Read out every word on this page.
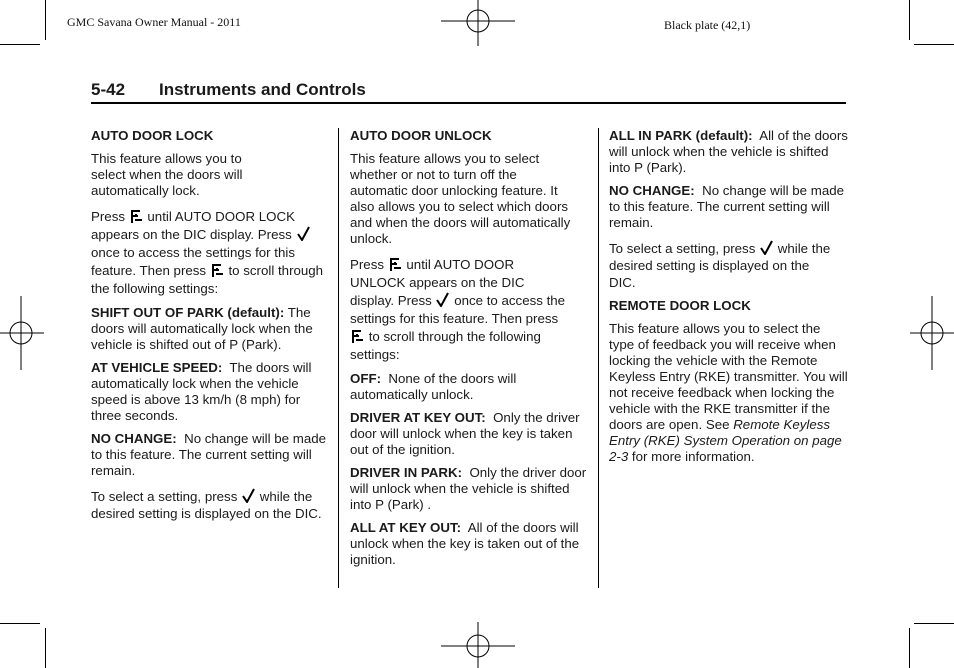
GMC Savana Owner Manual - 2011	Black plate (42,1)
5-42 Instruments and Controls

AUTO DOOR LOCK

This feature allows you to select when the doors will automatically lock.

Press until AUTO DOOR LOCK appears on the DIC display. Press  once to access the settings for this feature. Then press to scroll through the following settings:

SHIFT OUT OF PARK (default): The doors will automatically lock when the vehicle is shifted out of P (Park).

AT VEHICLE SPEED: The doors will automatically lock when the vehicle speed is above 13 km/h (8 mph) for three seconds.

NO CHANGE: No change will be made to this feature. The current setting will remain.

To select a setting, press while the desired setting is displayed on the DIC.

AUTO DOOR UNLOCK

This feature allows you to select whether or not to turn off the automatic door unlocking feature. It also allows you to select which doors and when the doors will automatically unlock.

Press until AUTO DOOR UNLOCK appears on the DIC display. Press once to access the settings for this feature. Then press  to scroll through the following settings:

OFF: None of the doors will automatically unlock.

DRIVER AT KEY OUT: Only the driver door will unlock when the key is taken out of the ignition.

DRIVER IN PARK: Only the driver door will unlock when the vehicle is shifted into P (Park) .

ALL AT KEY OUT: All of the doors will unlock when the key is taken out of the ignition.

ALL IN PARK (default): All of the doors will unlock when the vehicle is shifted into P (Park).

NO CHANGE: No change will be made to this feature. The current setting will remain.

To select a setting, press while the desired setting is displayed on the DIC.

REMOTE DOOR LOCK

This feature allows you to select the type of feedback you will receive when locking the vehicle with the Remote Keyless Entry (RKE) transmitter. You will not receive feedback when locking the vehicle with the RKE transmitter if the doors are open. See Remote Keyless Entry (RKE) System Operation on page 2-3 for more information.
